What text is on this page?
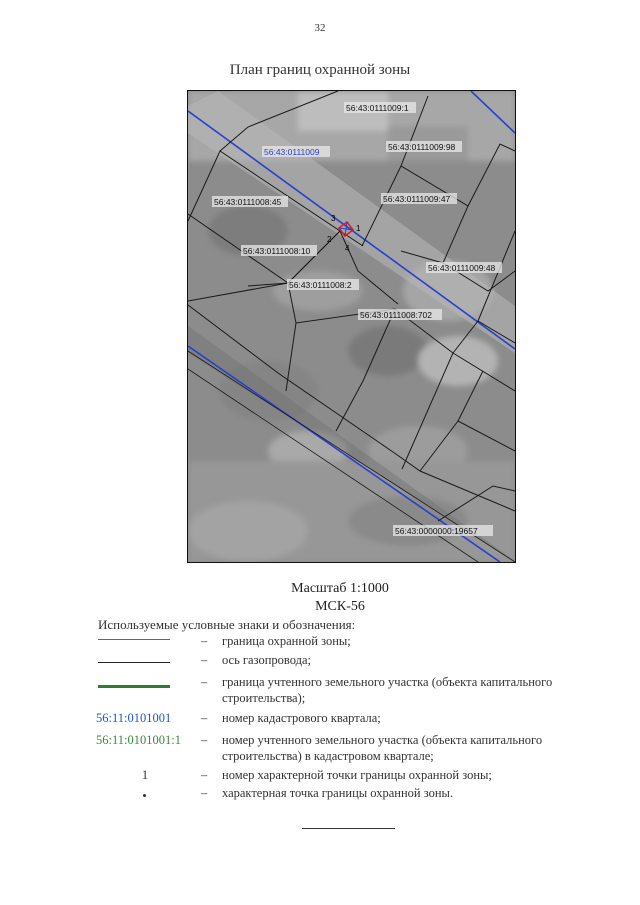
32
План границ охранной зоны
4
2
3
1
56:43:0111009:1
56:43:0111009:98
56:43:0111009
56:43:0111008:45	56:43:0111009:47
56:43:0111008:10
56:43:0111009:48
56:43:0111008:2
56:43:0111008:702
56:43:0000000:19657
Масштаб 1:1000
МСК-56
Используемые условные знаки и обозначения:
– граница охранной зоны;
– ось газопровода;
– граница учтенного земельного участка (объекта капитального строительства);
56:11:0101001	– номер кадастрового квартала;
56:11:0101001:1	– номер учтенного земельного участка (объекта капитального строительства) в кадастровом квартале;
1	– номер характерной точки границы охранной зоны;
– характерная точка границы охранной зоны.
